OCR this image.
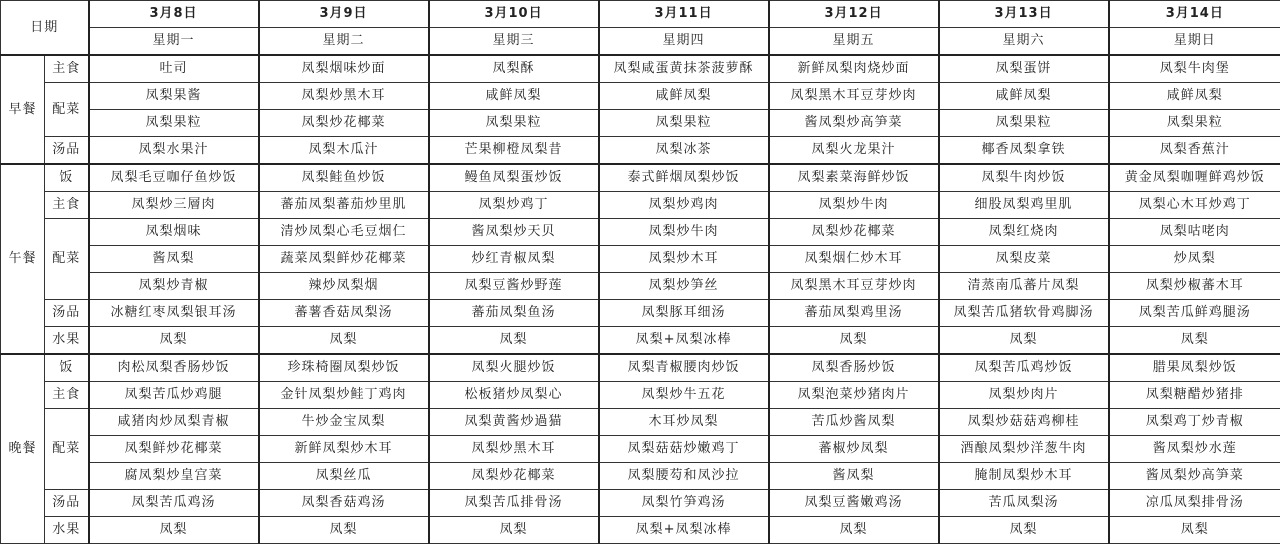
日期		3月8日	3月9日	3月10日	3月11日	3月12日	3月13日	3月14日
		星期一	星期二	星期三	星期四	星期五	星期六	星期日
早餐	主食	吐司	凤梨烟味炒面	凤梨酥	凤梨咸蛋黄抹茶菠萝酥	新鲜凤梨肉烧炒面	凤梨蛋饼	凤梨牛肉堡
	配菜	凤梨果酱	凤梨炒黑木耳	咸鲜凤梨	咸鲜凤梨	凤梨黑木耳豆芽炒肉	咸鲜凤梨	咸鲜凤梨
		凤梨果粒	凤梨炒花椰菜	凤梨果粒	凤梨果粒	酱凤梨炒高笋菜	凤梨果粒	凤梨果粒
	汤品	凤梨水果汁	凤梨木瓜汁	芒果柳橙凤梨昔	凤梨冰茶	凤梨火龙果汁	椰香凤梨拿铁	凤梨香蕉汁
午餐	饭	凤梨毛豆咖仔鱼炒饭	凤梨鲑鱼炒饭	鳗鱼凤梨蛋炒饭	泰式鲜烟凤梨炒饭	凤梨素菜海鲜炒饭	凤梨牛肉炒饭	黄金凤梨咖喱鲜鸡炒饭
	主食	凤梨炒三層肉	蕃茄凤梨蕃茄炒里肌	凤梨炒鸡丁	凤梨炒鸡肉	凤梨炒牛肉	细股凤梨鸡里肌	凤梨心木耳炒鸡丁
	配菜	凤梨烟味	清炒凤梨心毛豆烟仁	酱凤梨炒天贝	凤梨炒牛肉	凤梨炒花椰菜	凤梨红烧肉	凤梨咕咾肉
		酱凤梨	蔬菜凤梨鲜炒花椰菜	炒红青椒凤梨	凤梨炒木耳	凤梨烟仁炒木耳	凤梨皮菜	炒凤梨
		凤梨炒青椒	辣炒凤梨烟	凤梨豆酱炒野莲	凤梨炒笋丝	凤梨黑木耳豆芽炒肉	清蒸南瓜蕃片凤梨	凤梨炒椒蕃木耳
	汤品	冰糖红枣凤梨银耳汤	蕃薯香菇凤梨汤	蕃茄凤梨鱼汤	凤梨豚耳细汤	蕃茄凤梨鸡里汤	凤梨苦瓜猪软骨鸡脚汤	凤梨苦瓜鲜鸡腿汤
	水果	凤梨	凤梨	凤梨	凤梨+凤梨冰棒	凤梨	凤梨	凤梨
晚餐	饭	肉松凤梨香肠炒饭	珍珠椅圈凤梨炒饭	凤梨火腿炒饭	凤梨青椒腰肉炒饭	凤梨香肠炒饭	凤梨苦瓜鸡炒饭	腊果凤梨炒饭
	主食	凤梨苦瓜炒鸡腿	金针凤梨炒鲑丁鸡肉	松板猪炒凤梨心	凤梨炒牛五花	凤梨泡菜炒猪肉片	凤梨炒肉片	凤梨糖醋炒猪排
	配菜	咸猪肉炒凤梨青椒	牛炒金宝凤梨	凤梨黄酱炒過猫	木耳炒凤梨	苦瓜炒酱凤梨	凤梨炒菇菇鸡柳桂	凤梨鸡丁炒青椒
		凤梨鲜炒花椰菜	新鲜凤梨炒木耳	凤梨炒黑木耳	凤梨菇菇炒嫩鸡丁	蕃椒炒凤梨	酒酿凤梨炒洋葱牛肉	酱凤梨炒水莲
		腐凤梨炒皇宫菜	凤梨丝瓜	凤梨炒花椰菜	凤梨腰芶和凤沙拉	酱凤梨	腌制凤梨炒木耳	酱凤梨炒高笋菜
	汤品	凤梨苦瓜鸡汤	凤梨香菇鸡汤	凤梨苦瓜排骨汤	凤梨竹笋鸡汤	凤梨豆酱嫩鸡汤	苦瓜凤梨汤	凉瓜凤梨排骨汤
	水果	凤梨	凤梨	凤梨	凤梨+凤梨冰棒	凤梨	凤梨	凤梨
